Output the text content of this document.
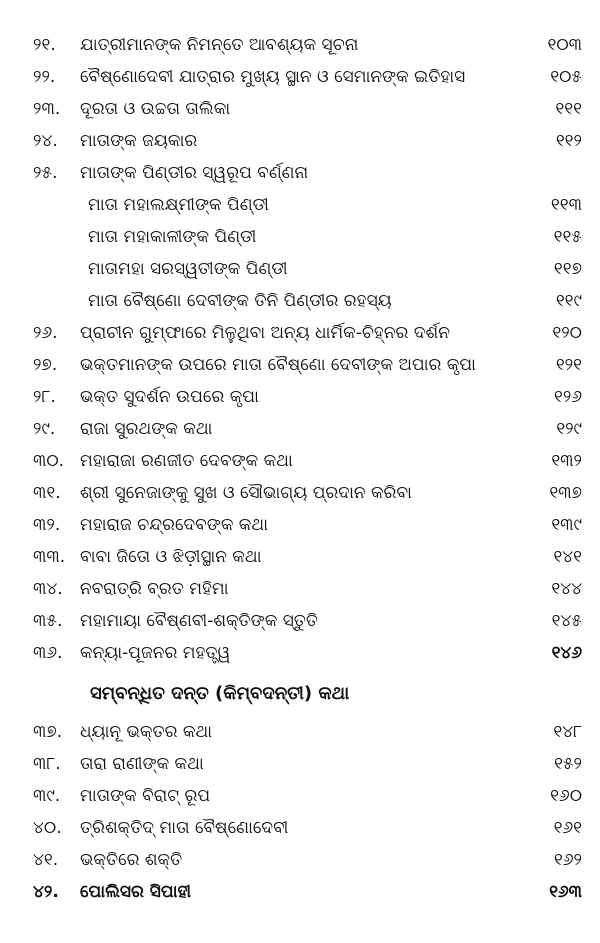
୨୧. ଯାତ୍ରୀମାନଙ୍କ ନିମନ୍ତେ ଆବଶ୍ୟକ ସୂଚନା	୧୦୩
୨୨. ବୈଷ୍ଣୋଦେବୀ ଯାତ୍ରାର ମୁଖ୍ୟ ସ୍ଥାନ ଓ ସେମାନଙ୍କ ଇତିହାସ	୧୦୫
୨୩. ଦୂରତା ଓ ଉଚ୍ଚତା ତାଲିକା	୧୧୧
୨୪. ମାତାଙ୍କ ଜୟକାର	୧୧୨
୨୫. ମାତାଙ୍କ ପିଣ୍ଡୀର ସ୍ୱରୂପ ବର୍ଣ୍ଣନା
ମାତା ମହାଲକ୍ଷ୍ମୀଙ୍କ ପିଣ୍ଡୀ	୧୧୩
ମାତା ମହାକାଳୀଙ୍କ ପିଣ୍ଡୀ	୧୧୫
ମାତାମହା ସରସ୍ୱତୀଙ୍କ ପିଣ୍ଡୀ	୧୧୭
ମାତା ବୈଷ୍ଣୋ ଦେବୀଙ୍କ ତିନି ପିଣ୍ଡୀର ରହସ୍ୟ	୧୧୯
୨୬. ପ୍ରାଚୀନ ଗୁମ୍ଫାରେ ମିଳୁଥିବା ଅନ୍ୟ ଧାର୍ମିକ-ଚିହ୍ନର ଦର୍ଶନ	୧୨୦
୨୭. ଭକ୍ତମାନଙ୍କ ଉପରେ ମାତା ବୈଷ୍ଣୋ ଦେବୀଙ୍କ ଅପାର କୃପା	୧୨୧
୨୮. ଭକ୍ତ ସୁଦର୍ଶନ ଉପରେ କୃପା	୧୨୬
୨୯. ରାଜା ସୁରଥଙ୍କ କଥା	୧୨୯
୩୦. ମହାରାଜା ରଣଜୀତ ଦେବଙ୍କ କଥା	୧୩୨
୩୧. ଶ୍ରୀ ସୁନେଜାଙ୍କୁ ସୁଖ ଓ ସୌଭାଗ୍ୟ ପ୍ରଦାନ କରିବା	୧୩୭
୩୨. ମହାରାଜ ଚନ୍ଦ୍ରଦେବଙ୍କ କଥା	୧୩୯
୩୩. ବାବା ଜିତୋ ଓ ଝିଡ଼ୀସ୍ଥାନ କଥା	୧୪୧
୩୪. ନବରାତ୍ରି ବ୍ରତ ମହିମା	୧୪୪
୩୫. ମହାମାୟା ବୈଷ୍ଣବୀ-ଶକ୍ତିଙ୍କ ସ୍ତୁତି	୧୪୫
୩୬. କନ୍ୟା-ପୂଜନର ମହତ୍ତ୍ୱ	୧୪୬
ସମ୍ବନ୍ଧିତ ଦନ୍ତ (କିମ୍ବଦନ୍ତୀ) କଥା
୩୭. ଧ୍ୟାନୂ ଭକ୍ତର କଥା	୧୪୮
୩୮. ତାରା ରାଣୀଙ୍କ କଥା	୧୫୨
୩୯. ମାତାଙ୍କ ବିରାଟ୍ ରୂପ	୧୬୦
୪୦. ତ୍ରିଶକ୍ତିଦ୍ ମାତା ବୈଷ୍ଣୋଦେବୀ	୧୬୧
୪୧. ଭକ୍ତିରେ ଶକ୍ତି	୧୬୨
୪୨. ପୋଲିସର ସିପାହୀ	୧୬୩
